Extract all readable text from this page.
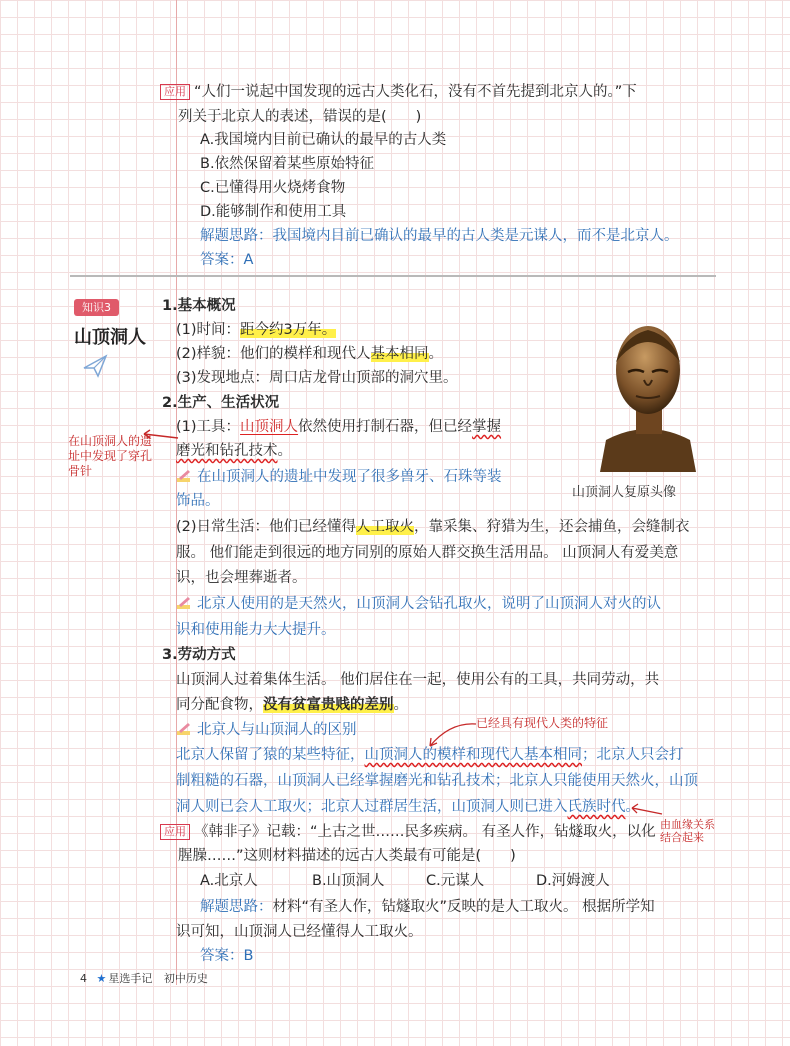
应用 “人们一说起中国发现的远古人类化石，没有不首先提到北京人的。”下
列关于北京人的表述，错误的是(　　)
A.我国境内目前已确认的最早的古人类
B.依然保留着某些原始特征
C.已懂得用火烧烤食物
D.能够制作和使用工具
解题思路：我国境内目前已确认的最早的古人类是元谋人，而不是北京人。
答案：A
知识3
山顶洞人
在山顶洞人的遗址中发现了穿孔骨针
1.基本概况
(1)时间：距今约3万年。
(2)样貌：他们的模样和现代人基本相同。
(3)发现地点：周口店龙骨山顶部的洞穴里。
2.生产、生活状况
(1)工具：山顶洞人依然使用打制石器，但已经掌握
磨光和钻孔技术。
在山顶洞人的遗址中发现了很多兽牙、石珠等装
饰品。
(2)日常生活：他们已经懂得人工取火，靠采集、狩猎为生，还会捕鱼，会缝制衣
服。 他们能走到很远的地方同别的原始人群交换生活用品。 山顶洞人有爱美意
识，也会埋葬逝者。
北京人使用的是天然火，山顶洞人会钻孔取火，说明了山顶洞人对火的认
识和使用能力大大提升。
3.劳动方式
山顶洞人过着集体生活。 他们居住在一起，使用公有的工具，共同劳动，共
同分配食物，没有贫富贵贱的差别。
北京人与山顶洞人的区别	已经具有现代人类的特征
北京人保留了猿的某些特征，山顶洞人的模样和现代人基本相同；北京人只会打
制粗糙的石器，山顶洞人已经掌握磨光和钻孔技术；北京人只能使用天然火，山顶
洞人则已会人工取火；北京人过群居生活，山顶洞人则已进入氏族时代。
由血缘关系
结合起来
应用 《韩非子》记载：“上古之世……民多疾病。 有圣人作，钻燧取火，以化
腥臊……”这则材料描述的远古人类最有可能是(　　)
A.北京人	B.山顶洞人	C.元谋人	D.河姆渡人
解题思路：材料“有圣人作，钻燧取火”反映的是人工取火。 根据所学知
识可知，山顶洞人已经懂得人工取火。
答案：B
山顶洞人复原头像
4 ★ 星选手记 初中历史
